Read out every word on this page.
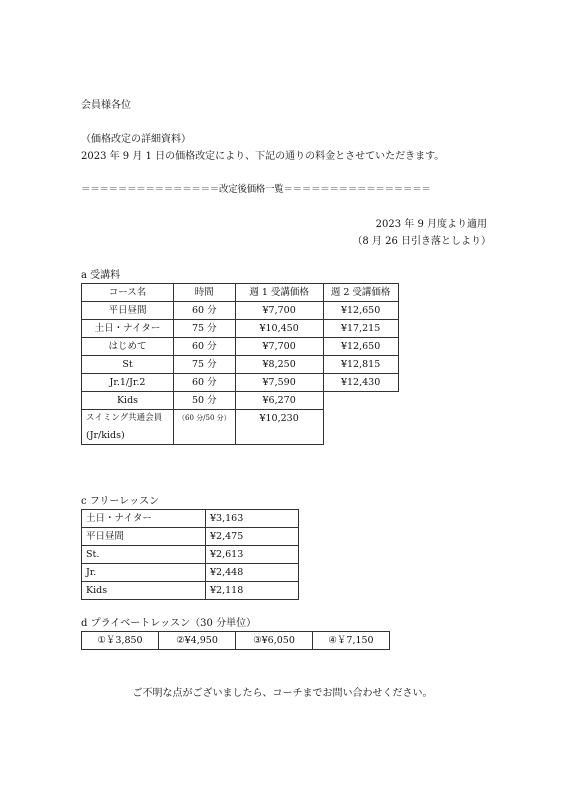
会員様各位
（価格改定の詳細資料）
2023 年 9 月 1 日の価格改定により、下記の通りの料金とさせていただきます。
＝＝＝＝＝＝＝＝＝＝＝＝＝＝＝改定後価格一覧＝＝＝＝＝＝＝＝＝＝＝＝＝＝＝＝
2023 年 9 月度より適用
（8 月 26 日引き落としより）
a 受講料
コース名	時間	週 1 受講価格	週 2 受講価格
平日昼間	60 分	¥7,700	¥12,650
土日・ナイター	75 分	¥10,450	¥17,215
はじめて	60 分	¥7,700	¥12,650
St	75 分	¥8,250	¥12,815
Jr.1/Jr.2	60 分	¥7,590	¥12,430
Kids	50 分	¥6,270	

スイミング共通会員
(Jr/kids)	（60 分/50 分）	¥10,230	
c フリーレッスン
土日・ナイター	¥3,163
平日昼間	¥2,475
St.	¥2,613
Jr.	¥2,448
Kids	¥2,118
d プライベートレッスン（30 分単位）
①￥3,850	②¥4,950	③¥6,050	④￥7,150
ご不明な点がございましたら、コーチまでお問い合わせください。
